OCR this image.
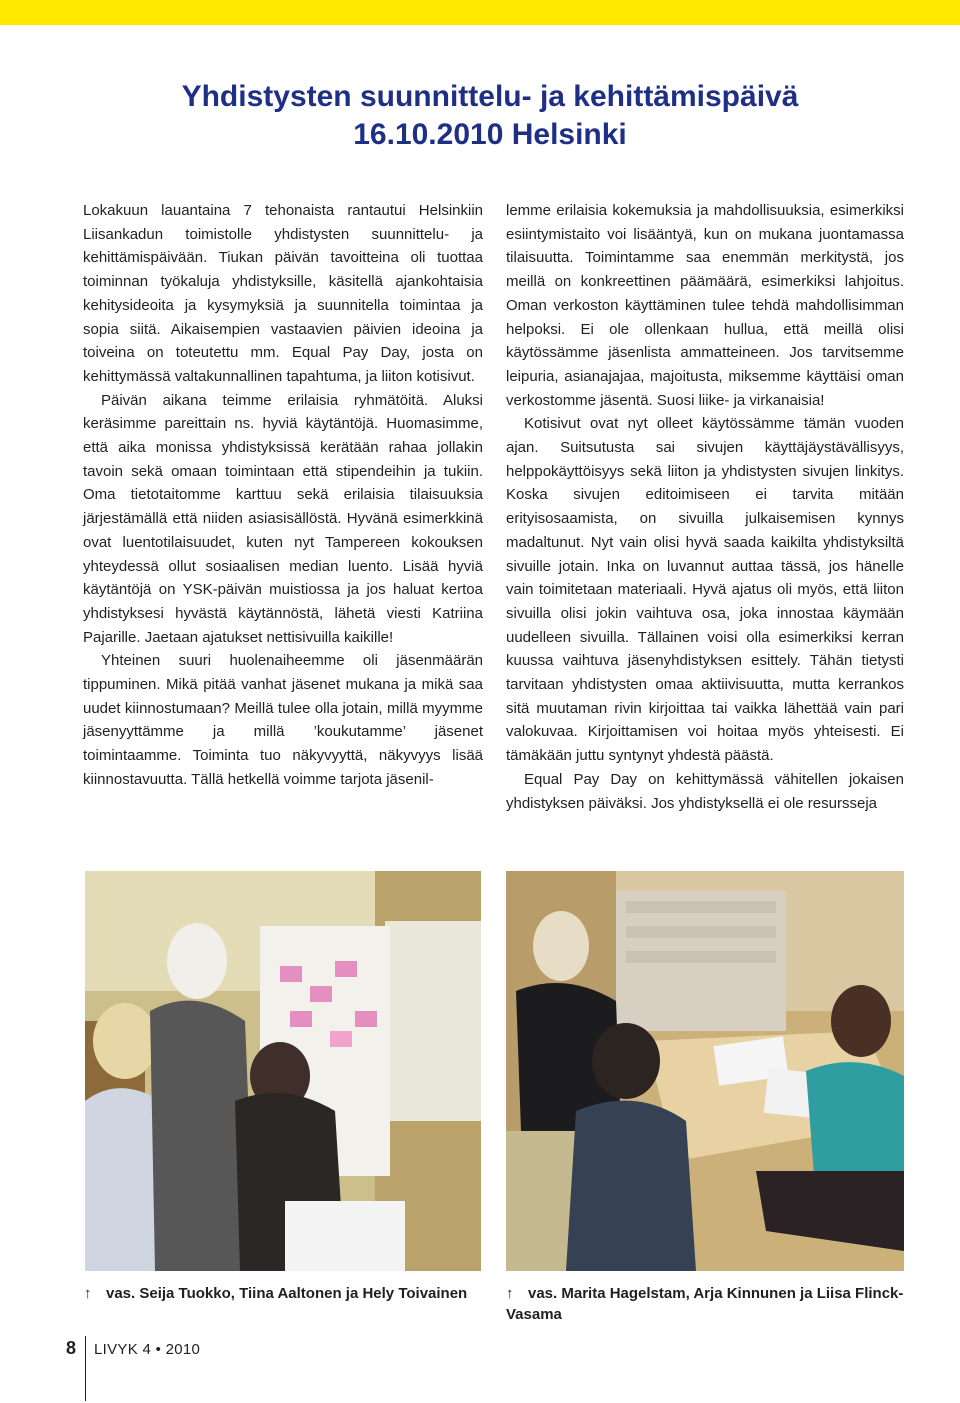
Yhdistysten suunnittelu- ja kehittämispäivä
16.10.2010 Helsinki

Lokakuun lauantaina 7 tehonaista rantautui Helsinkiin Liisankadun toimistolle yhdistysten suunnittelu- ja kehittämispäivään. Tiukan päivän tavoitteina oli tuottaa toiminnan työkaluja yhdistyksille, käsitellä ajankohtaisia kehitysideoita ja kysymyksiä ja suunnitella toimintaa ja sopia siitä. Aikaisempien vastaavien päivien ideoina ja toiveina on toteutettu mm. Equal Pay Day, josta on kehittymässä valtakunnallinen tapahtuma, ja liiton kotisivut.

Päivän aikana teimme erilaisia ryhmätöitä. Aluksi keräsimme pareittain ns. hyviä käytäntöjä. Huomasimme, että aika monissa yhdistyksissä kerätään rahaa jollakin tavoin sekä omaan toimintaan että stipendeihin ja tukiin. Oma tietotaitomme karttuu sekä erilaisia tilaisuuksia järjestämällä että niiden asiasisällöstä. Hyvänä esimerkkinä ovat luentotilaisuudet, kuten nyt Tampereen kokouksen yhteydessä ollut sosiaalisen median luento. Lisää hyviä käytäntöjä on YSK-päivän muistiossa ja jos haluat kertoa yhdistyksesi hyvästä käytännöstä, lähetä viesti Katriina Pajarille. Jaetaan ajatukset nettisivuilla kaikille!

Yhteinen suuri huolenaiheemme oli jäsenmäärän tippuminen. Mikä pitää vanhat jäsenet mukana ja mikä saa uudet kiinnostumaan? Meillä tulee olla jotain, millä myymme jäsenyyttämme ja millä ’koukutamme’ jäsenet toimintaamme. Toiminta tuo näkyvyyttä, näkyvyys lisää kiinnostavuutta. Tällä hetkellä voimme tarjota jäsenil-

lemme erilaisia kokemuksia ja mahdollisuuksia, esimerkiksi esiintymistaito voi lisääntyä, kun on mukana juontamassa tilaisuutta. Toimintamme saa enemmän merkitystä, jos meillä on konkreettinen päämäärä, esimerkiksi lahjoitus. Oman verkoston käyttäminen tulee tehdä mahdollisimman helpoksi. Ei ole ollenkaan hullua, että meillä olisi käytössämme jäsenlista ammatteineen. Jos tarvitsemme leipuria, asianajajaa, majoitusta, miksemme käyttäisi oman verkostomme jäsentä. Suosi liike- ja virkanaisia!

Kotisivut ovat nyt olleet käytössämme tämän vuoden ajan. Suitsutusta sai sivujen käyttäjäystävällisyys, helppokäyttöisyys sekä liiton ja yhdistysten sivujen linkitys. Koska sivujen editoimiseen ei tarvita mitään erityisosaamista, on sivuilla julkaisemisen kynnys madaltunut. Nyt vain olisi hyvä saada kaikilta yhdistyksiltä sivuille jotain. Inka on luvannut auttaa tässä, jos hänelle vain toimitetaan materiaali. Hyvä ajatus oli myös, että liiton sivuilla olisi jokin vaihtuva osa, joka innostaa käymään uudelleen sivuilla. Tällainen voisi olla esimerkiksi kerran kuussa vaihtuva jäsenyhdistyksen esittely. Tähän tietysti tarvitaan yhdistysten omaa aktiivisuutta, mutta kerrankos sitä muutaman rivin kirjoittaa tai vaikka lähettää vain pari valokuvaa. Kirjoittamisen voi hoitaa myös yhteisesti. Ei tämäkään juttu syntynyt yhdestä päästä.

Equal Pay Day on kehittymässä vähitellen jokaisen yhdistyksen päiväksi. Jos yhdistyksellä ei ole resursseja

↑ vas. Seija Tuokko, Tiina Aaltonen ja Hely Toivainen	↑ vas. Marita Hagelstam, Arja Kinnunen ja Liisa Flinck-Vasama
8 LIVYK 4 • 2010
